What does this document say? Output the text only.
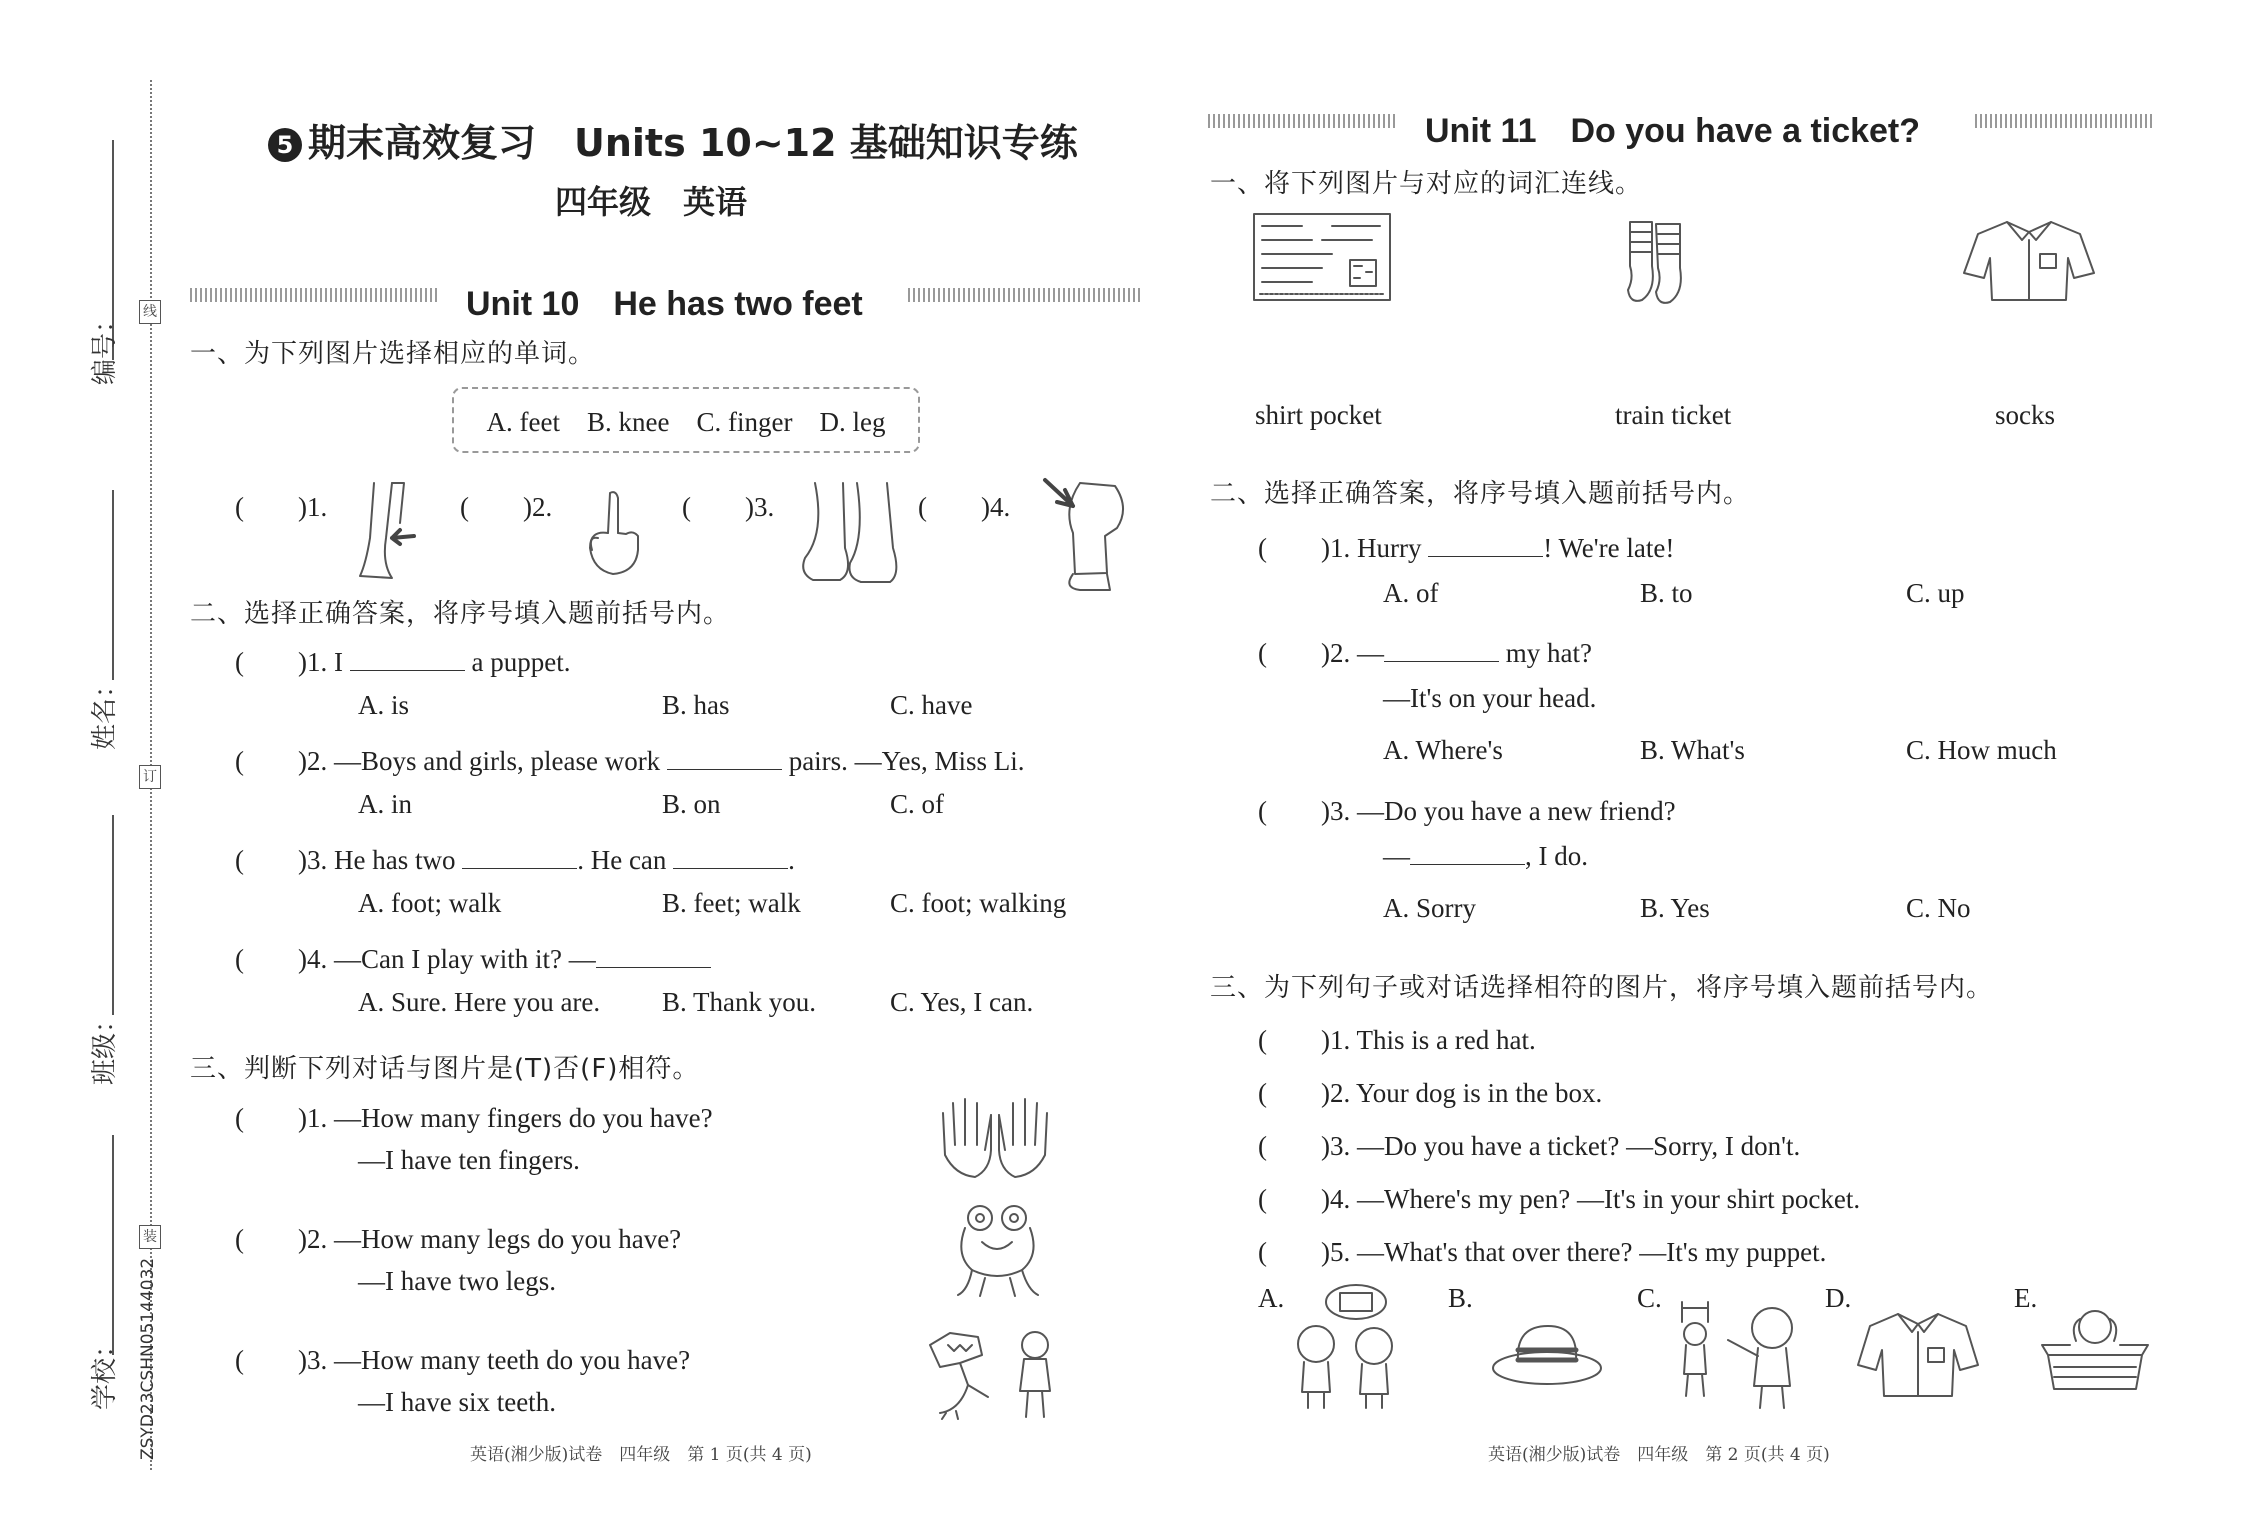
线
订
装
编号：
姓名：
班级：
学校： ZSYD23CSHN05144032
5 期末高效复习　Units 10~12 基础知识专练
四年级　英语
Unit 10　He has two feet
一、为下列图片选择相应的单词。
A. feet　B. knee　C. finger　D. leg
(　　)1.	(　　)2.	(　　)3.	(　　)4.
二、选择正确答案，将序号填入题前括号内。
(　　)1. I	a puppet.
A. is	B. has	C. have
(　　)2. —Boys and girls, please work	pairs. —Yes, Miss Li.
A. in	B. on	C. of
(　　)3. He has two	. He can	.
A. foot; walk	B. feet; walk	C. foot; walking
(　　)4. —Can I play with it? —
A. Sure. Here you are. B. Thank you.	C. Yes, I can.
三、判断下列对话与图片是(T)否(F)相符。
(　　)1. —How many fingers do you have?
—I have ten fingers.
(　　)2. —How many legs do you have?
—I have two legs.
(　　)3. —How many teeth do you have?
—I have six teeth.
英语(湘少版)试卷　四年级　第 1 页(共 4 页)
Unit 11　Do you have a ticket?
一、将下列图片与对应的词汇连线。
shirt pocket	train ticket	socks
二、选择正确答案，将序号填入题前括号内。
(　　)1. Hurry	! We're late!
A. of	B. to	C. up
(　　)2. —	my hat?
—It's on your head.
A. Where's	B. What's	C. How much
(　　)3. —Do you have a new friend?
—	, I do.
A. Sorry	B. Yes	C. No
三、为下列句子或对话选择相符的图片，将序号填入题前括号内。
(　　)1. This is a red hat.
(　　)2. Your dog is in the box.
(　　)3. —Do you have a ticket? —Sorry, I don't.
(　　)4. —Where's my pen? —It's in your shirt pocket.
(　　)5. —What's that over there? —It's my puppet.
A.	B.	C.	D.	E.
英语(湘少版)试卷　四年级　第 2 页(共 4 页)
